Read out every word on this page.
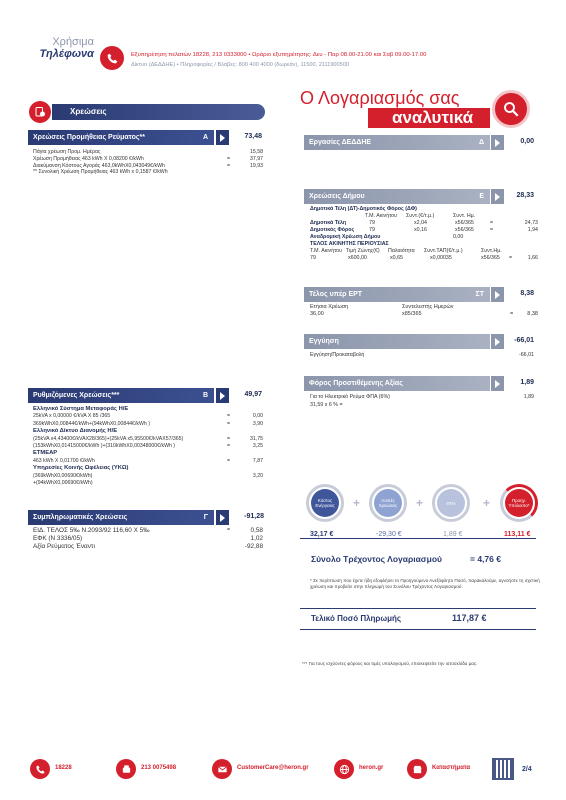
Χρήσιμα
Τηλέφωνα	Εξυπηρέτηση πελατών 18228, 213 0333000 • Ωράριο εξυπηρέτησης: Δευ - Παρ 08.00-21.00 και Σαβ 09.00-17.00
Δίκτυο (ΔΕΔΔΗΕ) • Πληροφορίες / Βλάβες: 800 400 4000 (δωρεάν), 11500, 2111900500
Ο Λογαριασμός σας
αναλυτικά
Χρεώσεις
Χρεώσεις Προμήθειας Ρεύματος**	Α	73,48
Πάγια χρέωση Προμ. Ημέρας	15,58
Χρέωση Προμήθειας 463 kWh X 0,08200 €/kWh	=	37,97
Διακύμανση Κόστους Αγοράς 463,0kWhX0,043049€/kWh	=	19,93
** Συνολική Χρέωση Προμήθειας 463 kWh x 0,1587 €/kWh
Ρυθμιζόμενες Χρεώσεις***	Β	49,97
Ελληνικό Σύστημα Μεταφοράς Η/Ε
25kVA x 0,00000 €/kVA X 85 /365	=	0,00
369kWhX0,00844€/kWh+(94kWhX0,00844€/kWh )	=	3,90
Ελληνικό Δίκτυο Διανομής Η/Ε
(25kVA x4,43400€/kVAX28/365)+(25kVA x5,95500€/kVAX57/365)	=	31,75
(153kWhX0,01415000€/kWh )+(310kWhX0,00348000€/kWh )	=	3,25
ΕΤΜΕΑΡ
463 kWh X 0,01700 €/kWh	=	7,87
Υπηρεσίες Κοινής Ωφέλειας (ΥΚΩ)
(369kWhX0,00690€/kWh)	3,20
+(94kWhX0,00690€/kWh)
Συμπληρωματικές Χρεώσεις	Γ	-91,28
ΕΙΔ. ΤΕΛΟΣ 5‰ Ν.2093/92 116,60 X 5‰	=	0,58
ΕΦΚ (Ν 3336/05)	1,02
Αξία Ρεύματος Έναντι	-92,88
Εργασίες ΔΕΔΔΗΕ	Δ	0,00
Χρεώσεις Δήμου	Ε	28,33
Δημοτικά Τέλη (ΔΤ)-Δημοτικός Φόρος (ΔΦ)
Τ.Μ. Ακινήτου Συντ.(€/τ.μ.)	Συντ. Ημ.
Δημοτικά Τέλη	79	x2,04	x56/365	=	24,73
Δημοτικός Φόρος	79	x0,16	x56/365	=	1,94
Αναδρομική Χρέωση Δήμου	0,00
ΤΕΛΟΣ ΑΚΙΝΗΤΗΣ ΠΕΡΙΟΥΣΙΑΣ
Τ.Μ. Ακινήτου Τιμή Ζώνης(€) Παλαιότητα Συντ.ΤΑΠ(€/τ.μ.)	Συντ.Ημ.
79	x600,00	x0,65	x0,00035	x56/365 =	1,66
Τέλος υπέρ ΕΡΤ	ΣΤ	8,38
Ετήσια Χρέωση	Συντελεστής Ημερών
36,00	x85/365	=	8,38
Εγγύηση	-66,01
Εγγύηση/Προκαταβολή	-66,01
Φόρος Προστιθέμενης Αξίας	1,89
Για το Ηλεκτρικό Ρεύμα ΦΠΑ (6%)	1,89
31,59 x 6 % =
Κόστος Ενέργειας	+	Λοιπές Χρεώσεις	+	ΦΠΑ	+	Προηγ. Υπόλοιπο*
32,17 €	-29,30 €	1,89 €	113,11 €
Σύνολο Τρέχοντος Λογαριασμού	= 4,76 €
* Σε περίπτωση που έχετε ήδη εξοφλήσει το Προηγούμενο Ανεξόφλητο Ποσό, παρακαλούμε, αγνοήστε τη σχετική χρέωση και προβείτε στην πληρωμή του Συνόλου Τρέχοντος Λογαριασμού.
Τελικό Ποσό Πληρωμής	117,87 €
*** Για τους ισχύοντες φόρους και τιμές υπολογισμού, επισκεφτείτε την ιστοσελίδα μας.
18228	213 0075498	CustomerCare@heron.gr	heron.gr	Καταστήματα	2/4
